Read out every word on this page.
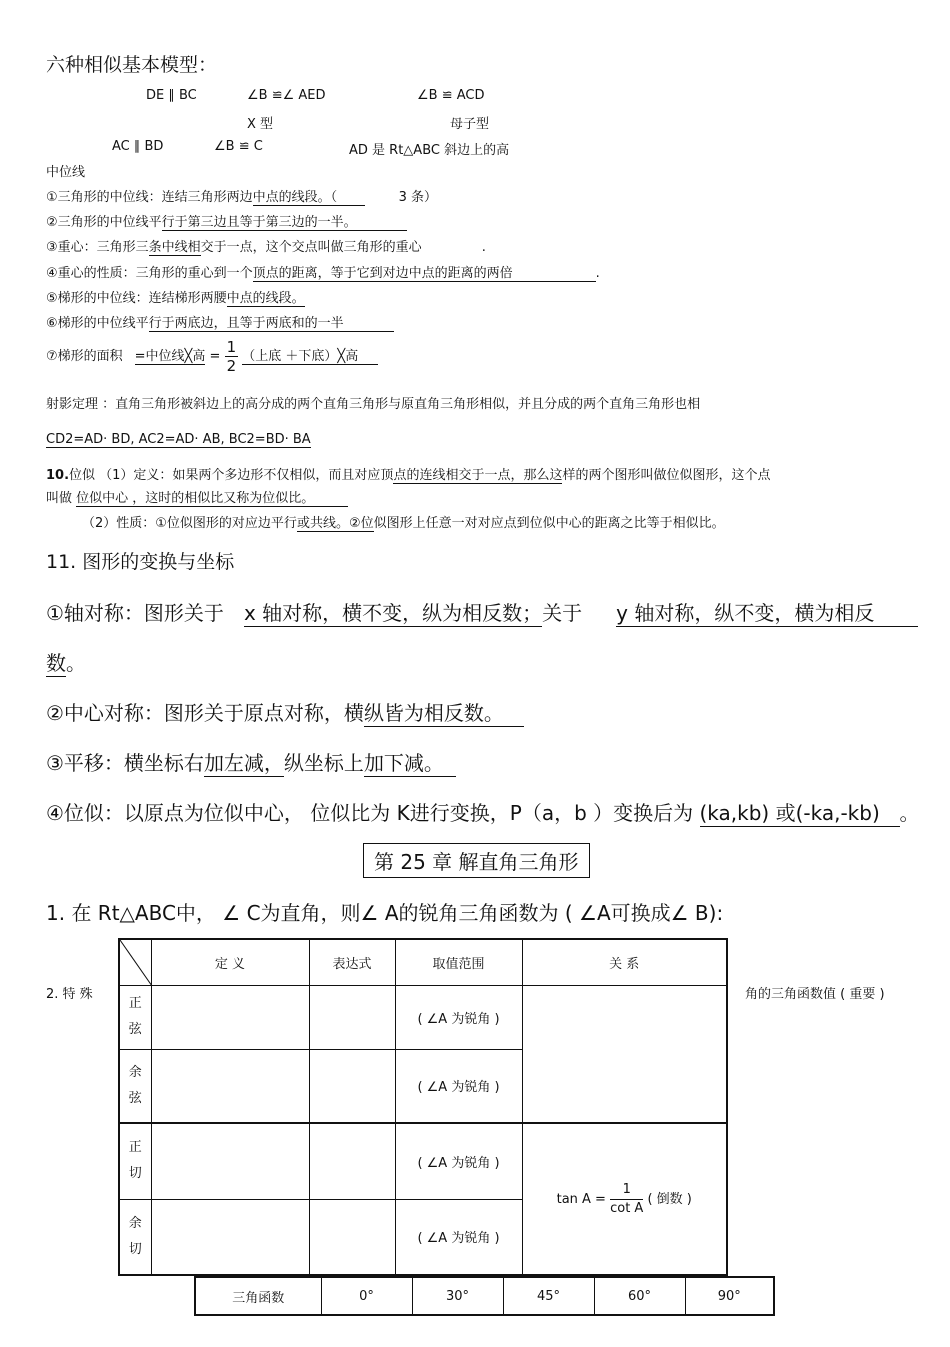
六种相似基本模型：
DE ∥ BC	∠B ≌∠ AED	∠B ≌ ACD
X 型	母子型
AC ∥ BD	∠B ≌ C	AD 是 Rt△ABC 斜边上的高
中位线
①三角形的中位线：连结三角形两边中点的线段。（	3 条）
②三角形的中位线平行于第三边且等于第三边的一半。
③重心：三角形三条中线相交于一点，这个交点叫做三角形的重心	.
④重心的性质：三角形的重心到一个顶点的距离，等于它到对边中点的距离的两倍	.
⑤梯形的中位线：连结梯形两腰中点的线段。
⑥梯形的中位线平行于两底边，且等于两底和的一半
⑦梯形的面积 =中位线╳高 = $\frac{1}{2}$ （上底 ＋下底）╳高
射影定理 ：直角三角形被斜边上的高分成的两个直角三角形与原直角三角形相似，并且分成的两个直角三角形也相
CD2=AD· BD, AC2=AD· AB, BC2=BD· BA
10.位似 （1）定义：如果两个多边形不仅相似，而且对应顶点的连线相交于一点，那么这样的两个图形叫做位似图形，这个点
叫做 位似中心 ，这时的相似比又称为位似比。
（2）性质：①位似图形的对应边平行或共线。②位似图形上任意一对对应点到位似中心的距离之比等于相似比。
11. 图形的变换与坐标
①轴对称：图形关于 x 轴对称，横不变，纵为相反数；关于 y 轴对称，纵不变，横为相反
数。
②中心对称：图形关于原点对称，横纵皆为相反数。
③平移：横坐标右加左减，纵坐标上加下减。
④位似：以原点为位似中心， 位似比为 K进行变换，P（a，b ）变换后为 (ka,kb) 或(-ka,-kb) 。
第 25 章 解直角三角形
1. 在 Rt△ABC中， ∠ C为直角，则∠ A的锐角三角函数为 ( ∠A可换成∠ B):
2. 特 殊	角的三角函数值 ( 重要 )
	定 义	表达式	取值范围	关 系

正
弦			( ∠A 为锐角 )	

余
弦			( ∠A 为锐角 )	

正
切			( ∠A 为锐角 )	$\tan A = \frac{1}{\text{cot A}}$ ( 倒数 )

余
切			( ∠A 为锐角 )	
三角函数	0°	30°	45°	60°	90°
